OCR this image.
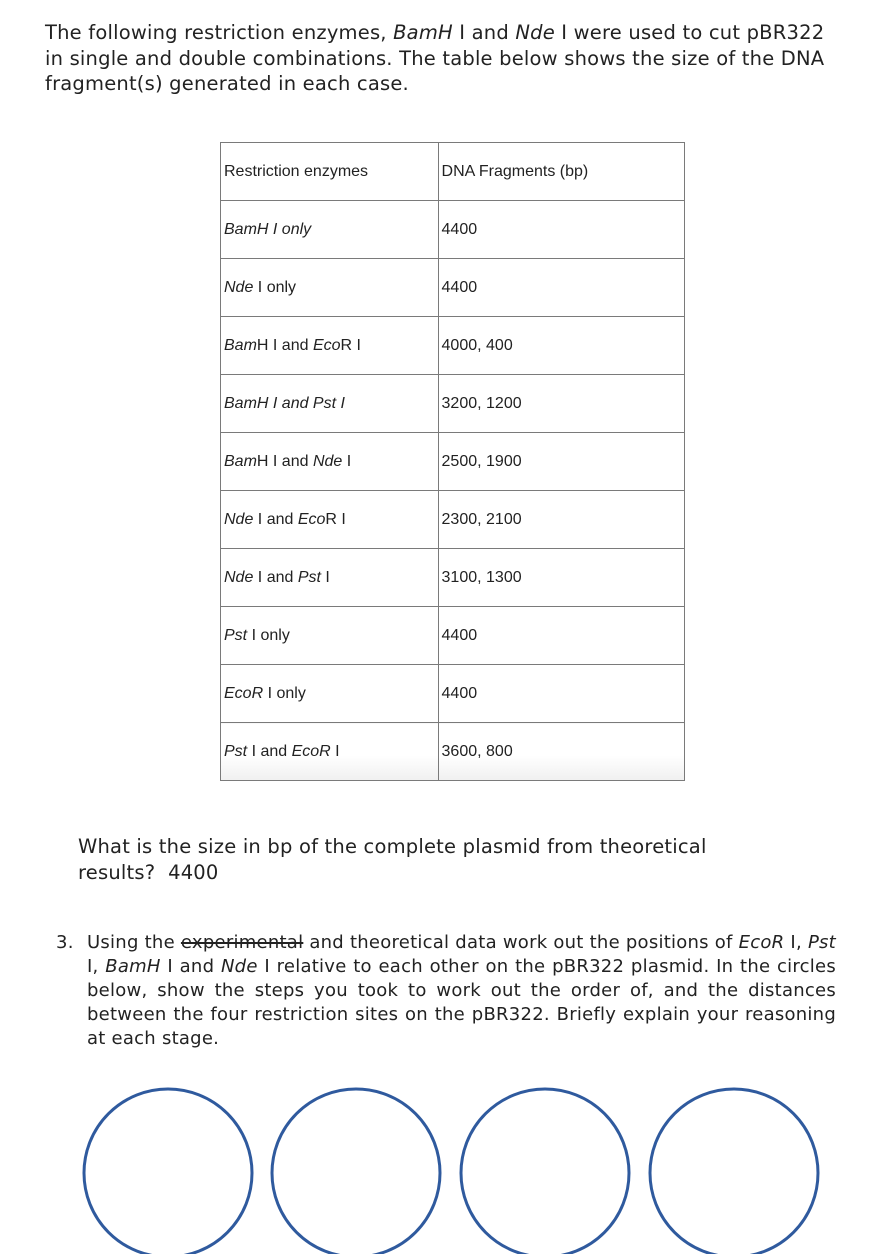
The following restriction enzymes, BamH I and Nde I were used to cut pBR322 in single and double combinations. The table below shows the size of the DNA fragment(s) generated in each case.
Restriction enzymes	DNA Fragments (bp)
BamH I only	4400
Nde I only	4400
BamH I and EcoR I	4000, 400
BamH I and Pst I	3200, 1200
BamH I and Nde I	2500, 1900
Nde I and EcoR I	2300, 2100
Nde I and Pst I	3100, 1300
Pst I only	4400
EcoR I only	4400
Pst I and EcoR I	3600, 800
What is the size in bp of the complete plasmid from theoretical results? 4400
3. Using the experimental and theoretical data work out the positions of EcoR I, Pst I, BamH I and Nde I relative to each other on the pBR322 plasmid. In the circles below, show the steps you took to work out the order of, and the distances between the four restriction sites on the pBR322. Briefly explain your reasoning at each stage.
